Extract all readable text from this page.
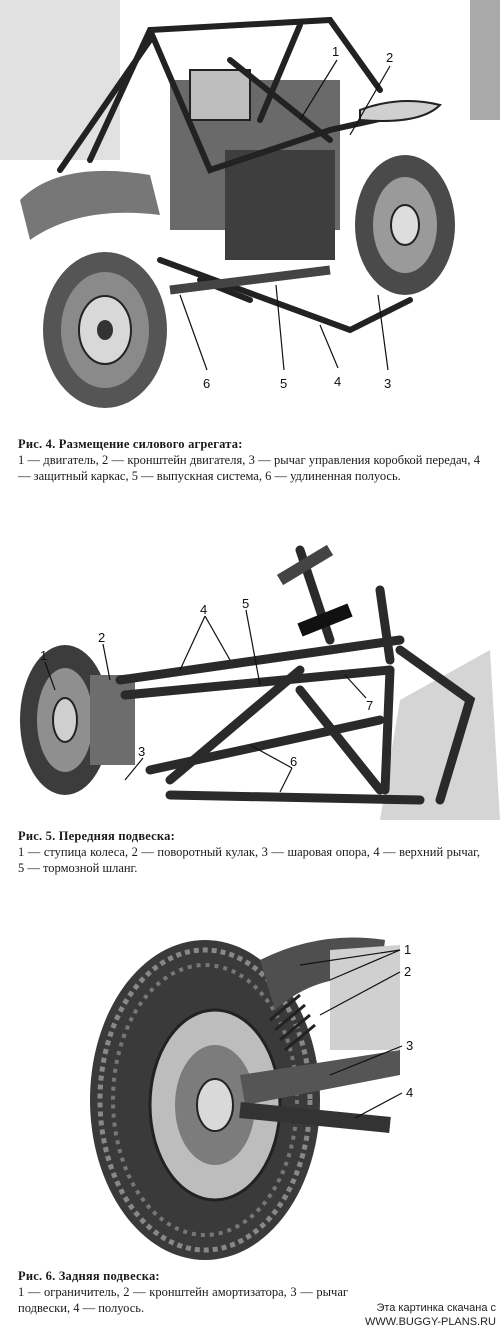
1	2
3
4
5
6
Рис. 4. Размещение силового агрегата:
1 — двигатель, 2 — кронштейн двигателя, 3 — рычаг управления коробкой передач, 4 — защитный каркас, 5 — выпускная система, 6 — удлиненная полуось.
1
2
3
4	5
6
7
Рис. 5. Передняя подвеска:
1 — ступица колеса, 2 — поворотный кулак, 3 — шаровая опора, 4 — верхний рычаг, 5 — тормозной шланг.
1
2
3
4
Рис. 6. Задняя подвеска:
1 — ограничитель, 2 — кронштейн амортизатора, 3 — рычаг подвески, 4 — полуось.	Эта картинка скачана с
WWW.BUGGY-PLANS.RU
